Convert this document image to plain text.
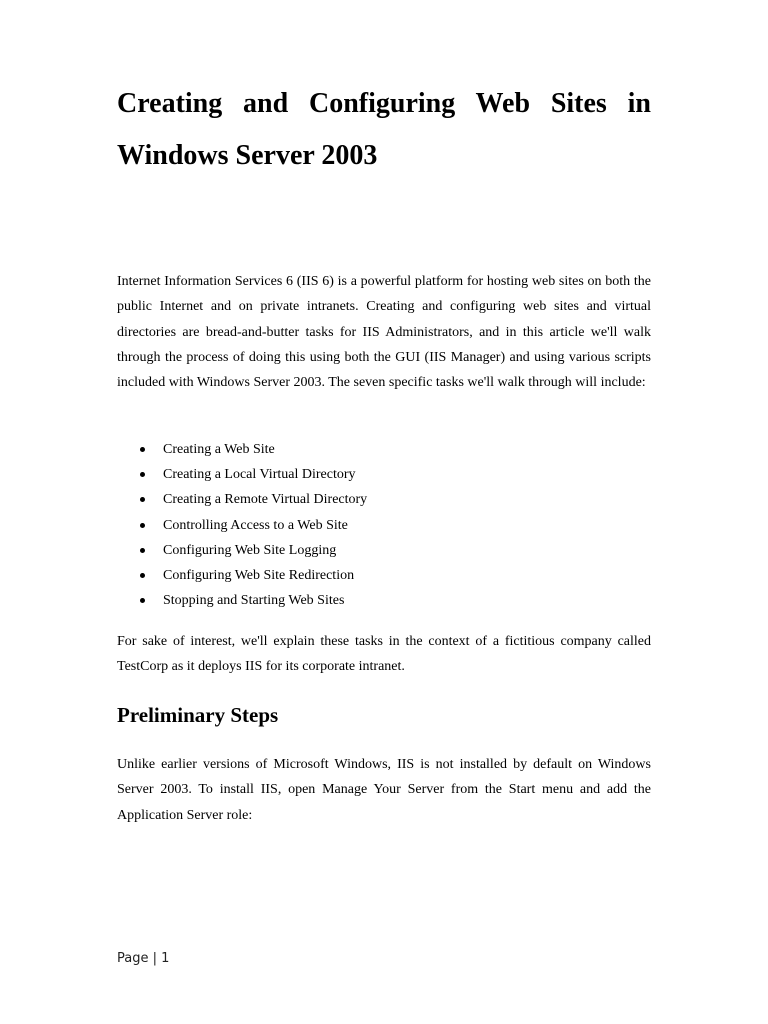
Creating and Configuring Web Sites in Windows Server 2003

Internet Information Services 6 (IIS 6) is a powerful platform for hosting web sites on both the public Internet and on private intranets. Creating and configuring web sites and virtual directories are bread-and-butter tasks for IIS Administrators, and in this article we'll walk through the process of doing this using both the GUI (IIS Manager) and using various scripts included with Windows Server 2003. The seven specific tasks we'll walk through will include:

Creating a Web Site
Creating a Local Virtual Directory
Creating a Remote Virtual Directory
Controlling Access to a Web Site
Configuring Web Site Logging
Configuring Web Site Redirection
Stopping and Starting Web Sites

For sake of interest, we'll explain these tasks in the context of a fictitious company called TestCorp as it deploys IIS for its corporate intranet.

Preliminary Steps

Unlike earlier versions of Microsoft Windows, IIS is not installed by default on Windows Server 2003. To install IIS, open Manage Your Server from the Start menu and add the Application Server role:

Page | 1
